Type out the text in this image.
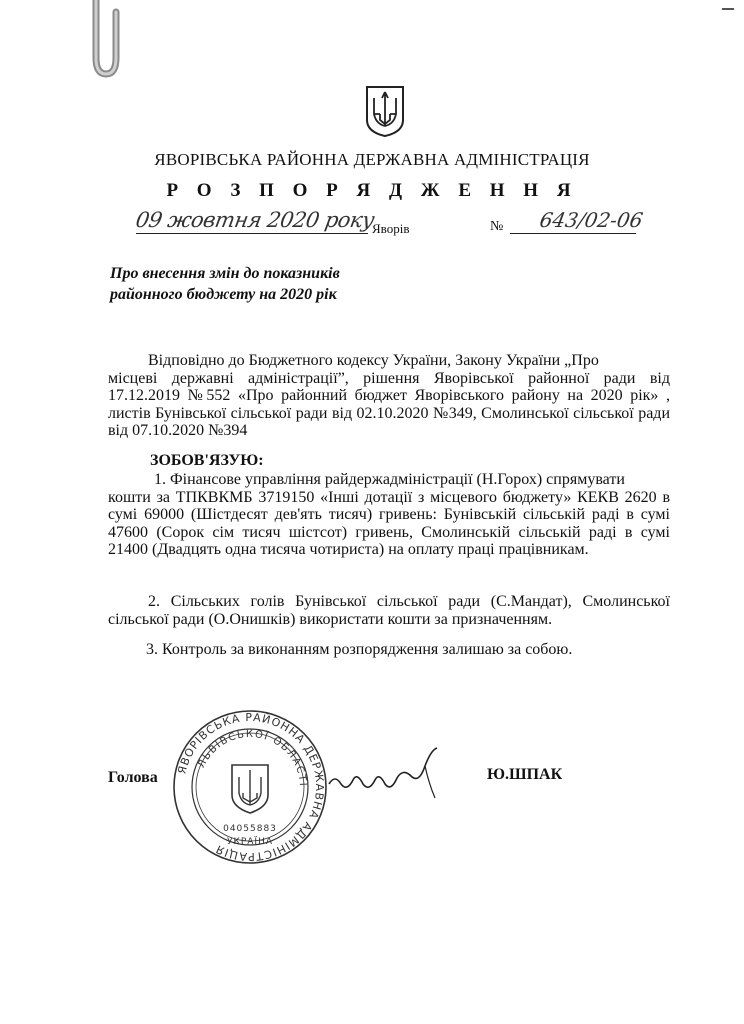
ЯВОРІВСЬКА РАЙОННА ДЕРЖАВНА АДМІНІСТРАЦІЯ
Р О З П О Р Я Д Ж Е Н Н Я
09 жовтня 2020 року
Яворів	№ 643/02-06
Про внесення змін до показників
районного бюджету на 2020 рік
Відповідно до Бюджетного кодексу України, Закону України „Про
місцеві державні адміністрації”, рішення Яворівської районної ради від 17.12.2019 №552 «Про районний бюджет Яворівського району на 2020 рік» , листів Бунівської сільської ради від 02.10.2020 №349, Смолинської сільської ради від 07.10.2020 №394
ЗОБОВ'ЯЗУЮ:
1. Фінансове управління райдержадміністрації (Н.Горох) спрямувати
кошти за ТПКВКМБ 3719150 «Інші дотації з місцевого бюджету» КЕКВ 2620 в сумі 69000 (Шістдесят дев'ять тисяч) гривень: Бунівській сільській раді в сумі 47600 (Сорок сім тисяч шістсот) гривень, Смолинській сільській раді в сумі 21400 (Двадцять одна тисяча чотириста) на оплату праці працівникам.
2. Сільських голів Бунівської сільської ради (С.Мандат), Смолинської сільської ради (О.Онишків) використати кошти за призначенням.
3. Контроль за виконанням розпорядження залишаю за собою.
Голова	Ю.ШПАК
ЯВОРІВСЬКА РАЙОННА ДЕРЖАВНА АДМІНІСТРАЦІЯ
ЛЬВІВСЬКОЇ ОБЛАСТІ
04055883
УКРАЇНА
